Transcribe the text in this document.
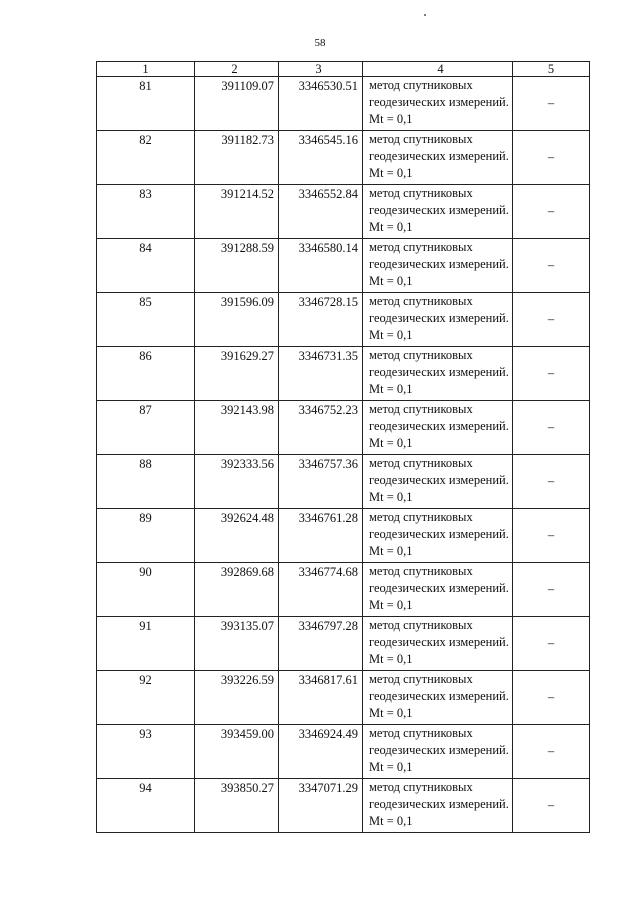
58
1	2	3	4	5
81	391109.07	3346530.51	метод спутниковых геодезических измерений. Mt = 0,1	–
82	391182.73	3346545.16	метод спутниковых геодезических измерений. Mt = 0,1	–
83	391214.52	3346552.84	метод спутниковых геодезических измерений. Mt = 0,1	–
84	391288.59	3346580.14	метод спутниковых геодезических измерений. Mt = 0,1	–
85	391596.09	3346728.15	метод спутниковых геодезических измерений. Mt = 0,1	–
86	391629.27	3346731.35	метод спутниковых геодезических измерений. Mt = 0,1	–
87	392143.98	3346752.23	метод спутниковых геодезических измерений. Mt = 0,1	–
88	392333.56	3346757.36	метод спутниковых геодезических измерений. Mt = 0,1	–
89	392624.48	3346761.28	метод спутниковых геодезических измерений. Mt = 0,1	–
90	392869.68	3346774.68	метод спутниковых геодезических измерений. Mt = 0,1	–
91	393135.07	3346797.28	метод спутниковых геодезических измерений. Mt = 0,1	–
92	393226.59	3346817.61	метод спутниковых геодезических измерений. Mt = 0,1	–
93	393459.00	3346924.49	метод спутниковых геодезических измерений. Mt = 0,1	–
94	393850.27	3347071.29	метод спутниковых геодезических измерений. Mt = 0,1	–
